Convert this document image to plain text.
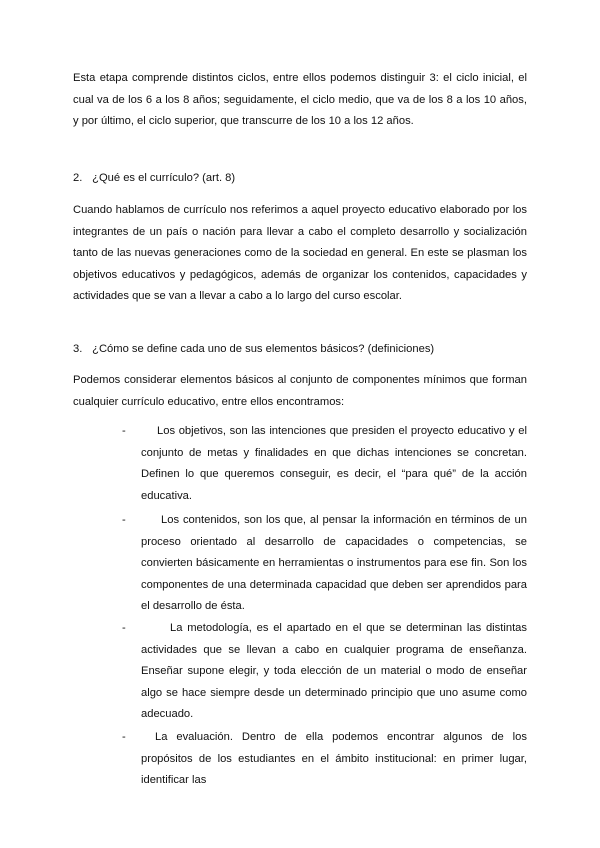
Esta etapa comprende distintos ciclos, entre ellos podemos distinguir 3: el ciclo inicial, el cual va de los 6 a los 8 años; seguidamente, el ciclo medio, que va de los 8 a los 10 años, y por último, el ciclo superior, que transcurre de los 10 a los 12 años.

2. ¿Qué es el currículo? (art. 8)

Cuando hablamos de currículo nos referimos a aquel proyecto educativo elaborado por los integrantes de un país o nación para llevar a cabo el completo desarrollo y socialización tanto de las nuevas generaciones como de la sociedad en general. En este se plasman los objetivos educativos y pedagógicos, además de organizar los contenidos, capacidades y actividades que se van a llevar a cabo a lo largo del curso escolar.

3. ¿Cómo se define cada uno de sus elementos básicos? (definiciones)

Podemos considerar elementos básicos al conjunto de componentes mínimos que forman cualquier currículo educativo, entre ellos encontramos:

-	Los objetivos, son las intenciones que presiden el proyecto educativo y el conjunto de metas y finalidades en que dichas intenciones se concretan. Definen lo que queremos conseguir, es decir, el “para qué” de la acción educativa.

-	Los contenidos, son los que, al pensar la información en términos de un proceso orientado al desarrollo de capacidades o competencias, se convierten básicamente en herramientas o instrumentos para ese fin. Son los componentes de una determinada capacidad que deben ser aprendidos para el desarrollo de ésta.

-	La metodología, es el apartado en el que se determinan las distintas actividades que se llevan a cabo en cualquier programa de enseñanza. Enseñar supone elegir, y toda elección de un material o modo de enseñar algo se hace siempre desde un determinado principio que uno asume como adecuado.

-	La evaluación. Dentro de ella podemos encontrar algunos de los propósitos de los estudiantes en el ámbito institucional: en primer lugar, identificar las
